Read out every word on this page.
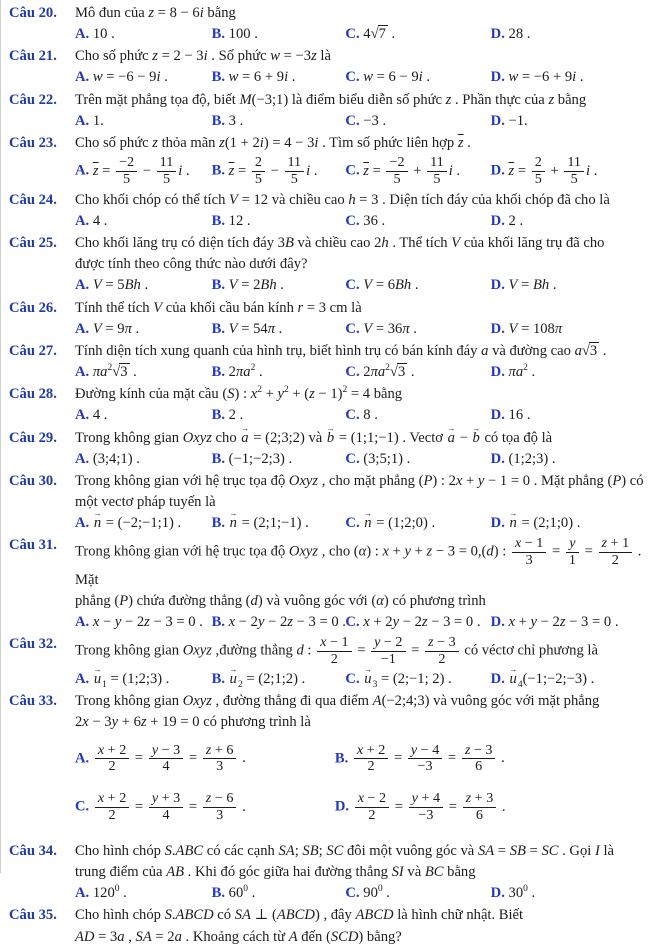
Câu 20.	Mô đun của z = 8 − 6i bằng
A. 10 .	B. 100 .	C. 4√7 .	D. 28 .
Câu 21.	Cho số phức z = 2 − 3i . Số phức w = −3z là
A. w = −6 − 9i .	B. w = 6 + 9i .	C. w = 6 − 9i .	D. w = −6 + 9i .
Câu 22.	Trên mặt phẳng tọa độ, biết M(−3;1) là điểm biểu diễn số phức z . Phần thực của z bằng
A. 1.	B. 3 .	C. −3 .	D. −1.
Câu 23.	Cho số phức z thỏa mãn z(1 + 2i) = 4 − 3i . Tìm số phức liên hợp $\overline{z}$ .
A. $\overline{z} = \frac{-2}{5} - \frac{11}{5}$ i .	B. $\overline{z} = \frac{2}{5} - \frac{11}{5}$ i .	C. $\overline{z} = \frac{-2}{5} + \frac{11}{5}$ i .	D. $\overline{z} = \frac{2}{5} + \frac{11}{5}$ i .
Câu 24.	Cho khối chóp có thể tích V = 12 và chiều cao h = 3 . Diện tích đáy của khối chóp đã cho là
A. 4 .	B. 12 .	C. 36 .	D. 2 .
Câu 25.	Cho khối lăng trụ có diện tích đáy 3B và chiều cao 2h . Thể tích V của khối lăng trụ đã cho
được tính theo công thức nào dưới đây?
A. V = 5Bh .	B. V = 2Bh .	C. V = 6Bh .	D. V = Bh .
Câu 26.	Tính thể tích V của khối cầu bán kính r = 3 cm là
A. V = 9π .	B. V = 54π .	C. V = 36π .	D. V = 108π
Câu 27.	Tính diện tích xung quanh của hình trụ, biết hình trụ có bán kính đáy a và đường cao a√3 .
A. $\pi a^2√3$ .	B. $2\pi a^2$ .	C. $2\pi a^2√3$ .	D. $\pi a^2$ .
Câu 28.	Đường kính của mặt cầu (S) : $x^2 + y^2 + (z - 1)^2 = 4$ bằng
A. 4 .	B. 2 .	C. 8 .	D. 16 .
Câu 29.	Trong không gian Oxyz cho a → = (2;3;2) và b → = (1;1;−1) . Vectơ a → − b → có tọa độ là
A. (3;4;1) .	B. (−1;−2;3) .	C. (3;5;1) .	D. (1;2;3) .
Câu 30.	Trong không gian với hệ trục tọa độ Oxyz , cho mặt phẳng (P) : 2x + y − 1 = 0 . Mặt phẳng (P) có
một vectơ pháp tuyến là
A. n → = (−2;−1;1) .	B. n → = (2;1;−1) .	C. n → = (1;2;0) .	D. n → = (2;1;0) .
Câu 31.	Trong không gian với hệ trục tọa độ Oxyz , cho (α) : x + y + z − 3 = 0,(d) : $\frac{x - 1}{3} = \frac{y}{1} = \frac{z + 1}{2}$ . Mặt
phẳng (P) chứa đường thẳng (d) và vuông góc với (α) có phương trình
A. x − y − 2z − 3 = 0 . B. x − 2y − 2z − 3 = 0 . C. x + 2y − 2z − 3 = 0 . D. x + y − 2z − 3 = 0 .
Câu 32.	Trong không gian Oxyz ,đường thẳng d : $\frac{x - 1}{2} = \frac{y - 2}{-1} = \frac{z - 3}{2}$ có véctơ chỉ phương là
A. $u \to_1$ = (1;2;3) .	B. $u \to_2$ = (2;1;2) .	C. $u \to_3$ = (2;−1; 2) .	D. $u \to_4(-1;-2;-3)$ .
Câu 33.	Trong không gian Oxyz , đường thẳng đi qua điểm A(−2;4;3) và vuông góc với mặt phẳng
2x − 3y + 6z + 19 = 0 có phương trình là
A. $\frac{x + 2}{2} = \frac{y - 3}{4} = \frac{z + 6}{3}$ .	B. $\frac{x + 2}{2} = \frac{y - 4}{-3} = \frac{z - 3}{6}$ .
C. $\frac{x + 2}{2} = \frac{y + 3}{4} = \frac{z - 6}{3}$ .	D. $\frac{x - 2}{2} = \frac{y + 4}{-3} = \frac{z + 3}{6}$ .
Câu 34.	Cho hình chóp S.ABC có các cạnh SA; SB; SC đôi một vuông góc và SA = SB = SC . Gọi I là
trung điểm của AB . Khi đó góc giữa hai đường thẳng SI và BC bằng
A. $120^0$ .	B. $60^0$ .	C. $90^0$ .	D. $30^0$ .
Câu 35.	Cho hình chóp S.ABCD có SA ⊥ (ABCD) , đây ABCD là hình chữ nhật. Biết
AD = 3a , SA = 2a . Khoảng cách từ A đến (SCD) bằng?
